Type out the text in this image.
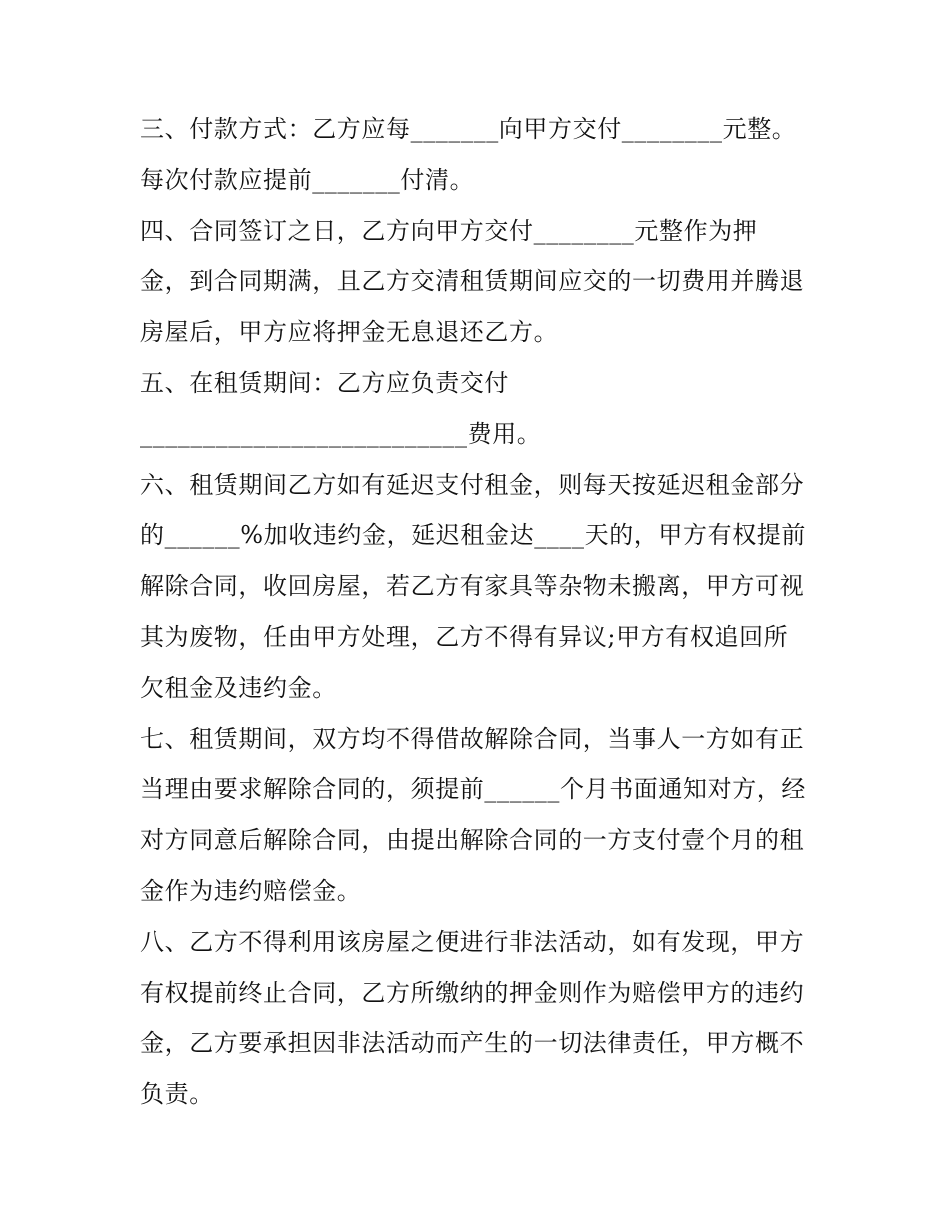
三、付款方式：乙方应每_______向甲方交付________元整。
每次付款应提前_______付清。
四、合同签订之日，乙方向甲方交付________元整作为押
金，到合同期满，且乙方交清租赁期间应交的一切费用并腾退
房屋后，甲方应将押金无息退还乙方。
五、在租赁期间：乙方应负责交付
__________________________费用。
六、租赁期间乙方如有延迟支付租金，则每天按延迟租金部分
的______%加收违约金，延迟租金达____天的，甲方有权提前
解除合同，收回房屋，若乙方有家具等杂物未搬离，甲方可视
其为废物，任由甲方处理，乙方不得有异议;甲方有权追回所
欠租金及违约金。
七、租赁期间，双方均不得借故解除合同，当事人一方如有正
当理由要求解除合同的，须提前______个月书面通知对方，经
对方同意后解除合同，由提出解除合同的一方支付壹个月的租
金作为违约赔偿金。
八、乙方不得利用该房屋之便进行非法活动，如有发现，甲方
有权提前终止合同，乙方所缴纳的押金则作为赔偿甲方的违约
金，乙方要承担因非法活动而产生的一切法律责任，甲方概不
负责。
